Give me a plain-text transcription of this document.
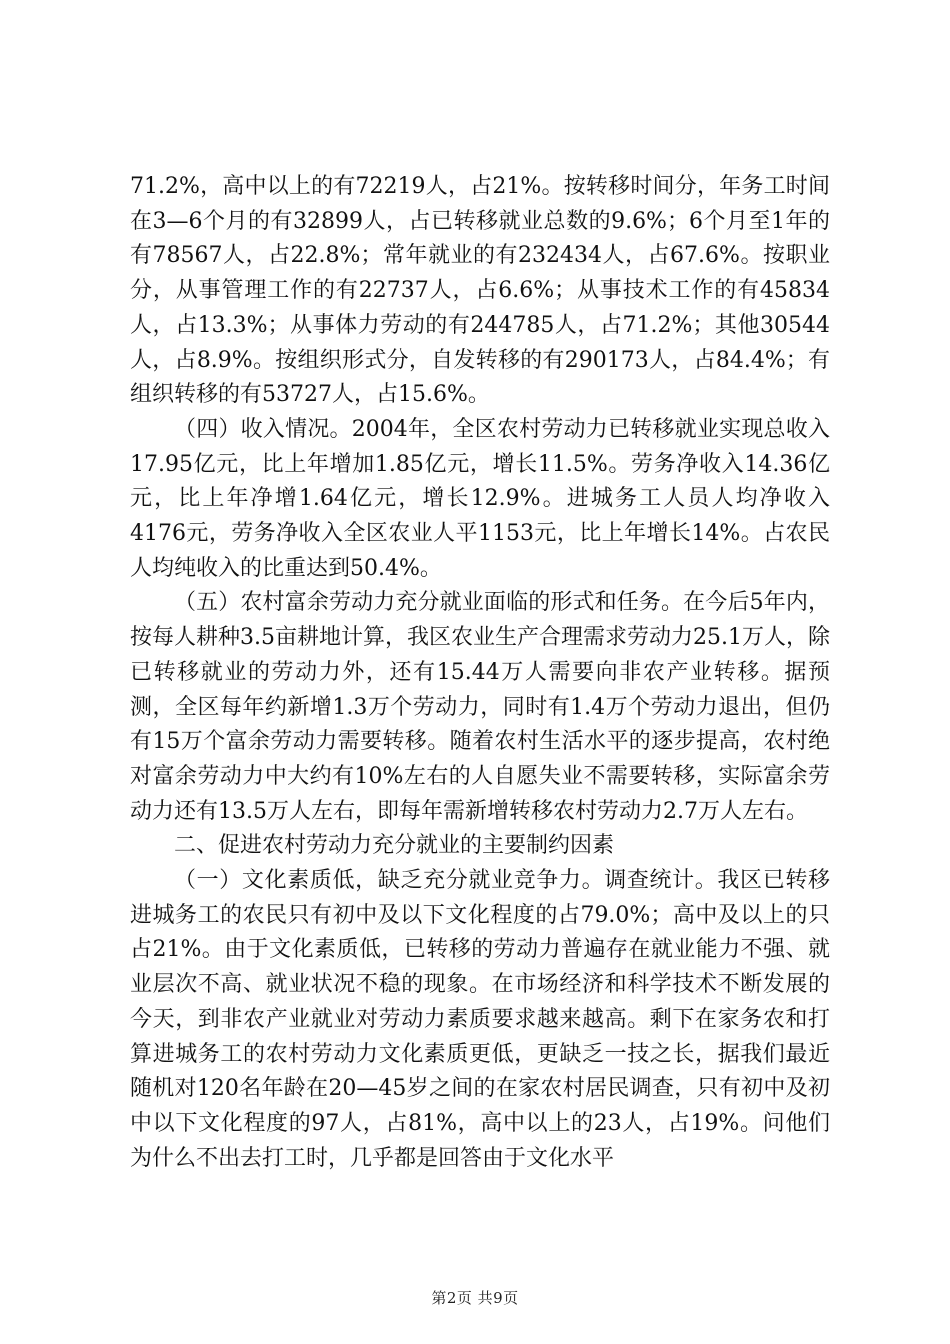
71.2%，高中以上的有72219人，占21%。按转移时间分，年务工时间在3—6个月的有32899人，占已转移就业总数的9.6%；6个月至1年的有78567人，占22.8%；常年就业的有232434人，占67.6%。按职业分，从事管理工作的有22737人，占6.6%；从事技术工作的有45834人，占13.3%；从事体力劳动的有244785人，占71.2%；其他30544人，占8.9%。按组织形式分，自发转移的有290173人，占84.4%；有组织转移的有53727人，占15.6%。

（四）收入情况。2004年，全区农村劳动力已转移就业实现总收入17.95亿元，比上年增加1.85亿元，增长11.5%。劳务净收入14.36亿元，比上年净增1.64亿元，增长12.9%。进城务工人员人均净收入4176元，劳务净收入全区农业人平1153元，比上年增长14%。占农民人均纯收入的比重达到50.4%。

（五）农村富余劳动力充分就业面临的形式和任务。在今后5年内，按每人耕种3.5亩耕地计算，我区农业生产合理需求劳动力25.1万人，除已转移就业的劳动力外，还有15.44万人需要向非农产业转移。据预测，全区每年约新增1.3万个劳动力，同时有1.4万个劳动力退出，但仍有15万个富余劳动力需要转移。随着农村生活水平的逐步提高，农村绝对富余劳动力中大约有10%左右的人自愿失业不需要转移，实际富余劳动力还有13.5万人左右，即每年需新增转移农村劳动力2.7万人左右。

二、促进农村劳动力充分就业的主要制约因素

（一）文化素质低，缺乏充分就业竞争力。调查统计。我区已转移进城务工的农民只有初中及以下文化程度的占79.0%；高中及以上的只占21%。由于文化素质低，已转移的劳动力普遍存在就业能力不强、就业层次不高、就业状况不稳的现象。在市场经济和科学技术不断发展的今天，到非农产业就业对劳动力素质要求越来越高。剩下在家务农和打算进城务工的农村劳动力文化素质更低，更缺乏一技之长，据我们最近随机对120名年龄在20—45岁之间的在家农村居民调查，只有初中及初中以下文化程度的97人，占81%，高中以上的23人，占19%。问他们为什么不出去打工时，几乎都是回答由于文化水平

第2页 共9页
